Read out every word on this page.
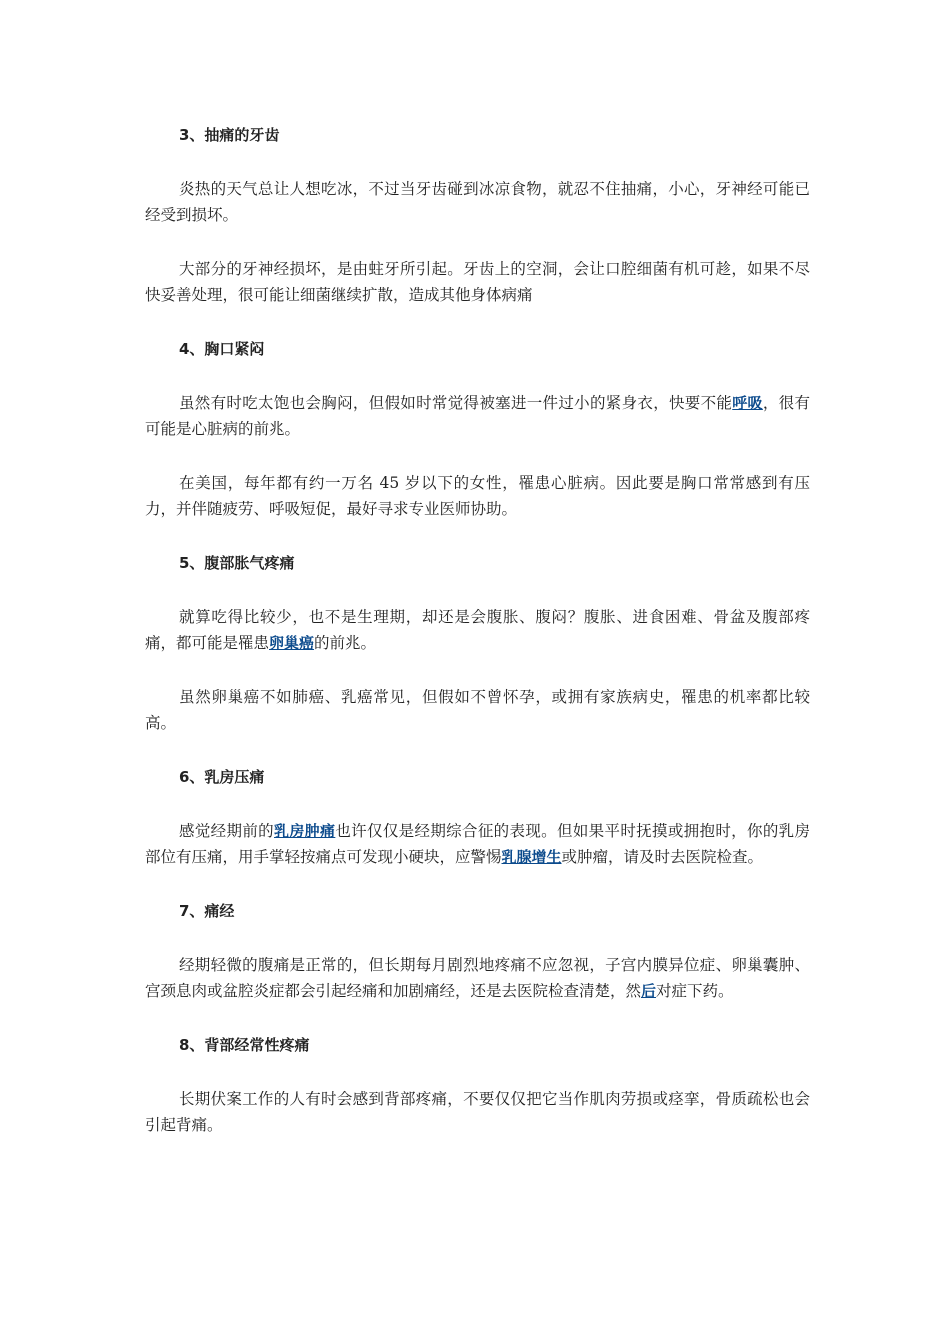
3、抽痛的牙齿

炎热的天气总让人想吃冰，不过当牙齿碰到冰凉食物，就忍不住抽痛，小心，牙神经可能已经受到损坏。

大部分的牙神经损坏，是由蛀牙所引起。牙齿上的空洞，会让口腔细菌有机可趁，如果不尽快妥善处理，很可能让细菌继续扩散，造成其他身体病痛

4、胸口紧闷

虽然有时吃太饱也会胸闷，但假如时常觉得被塞进一件过小的紧身衣，快要不能呼吸，很有可能是心脏病的前兆。

在美国，每年都有约一万名 45 岁以下的女性，罹患心脏病。因此要是胸口常常感到有压力，并伴随疲劳、呼吸短促，最好寻求专业医师协助。

5、腹部胀气疼痛

就算吃得比较少，也不是生理期，却还是会腹胀、腹闷？腹胀、进食困难、骨盆及腹部疼痛，都可能是罹患卵巢癌的前兆。

虽然卵巢癌不如肺癌、乳癌常见，但假如不曾怀孕，或拥有家族病史，罹患的机率都比较高。

6、乳房压痛

感觉经期前的乳房肿痛也许仅仅是经期综合征的表现。但如果平时抚摸或拥抱时，你的乳房部位有压痛，用手掌轻按痛点可发现小硬块，应警惕乳腺增生或肿瘤，请及时去医院检查。

7、痛经

经期轻微的腹痛是正常的，但长期每月剧烈地疼痛不应忽视，子宫内膜异位症、卵巢囊肿、宫颈息肉或盆腔炎症都会引起经痛和加剧痛经，还是去医院检查清楚，然后对症下药。

8、背部经常性疼痛

长期伏案工作的人有时会感到背部疼痛，不要仅仅把它当作肌肉劳损或痉挛，骨质疏松也会引起背痛。
